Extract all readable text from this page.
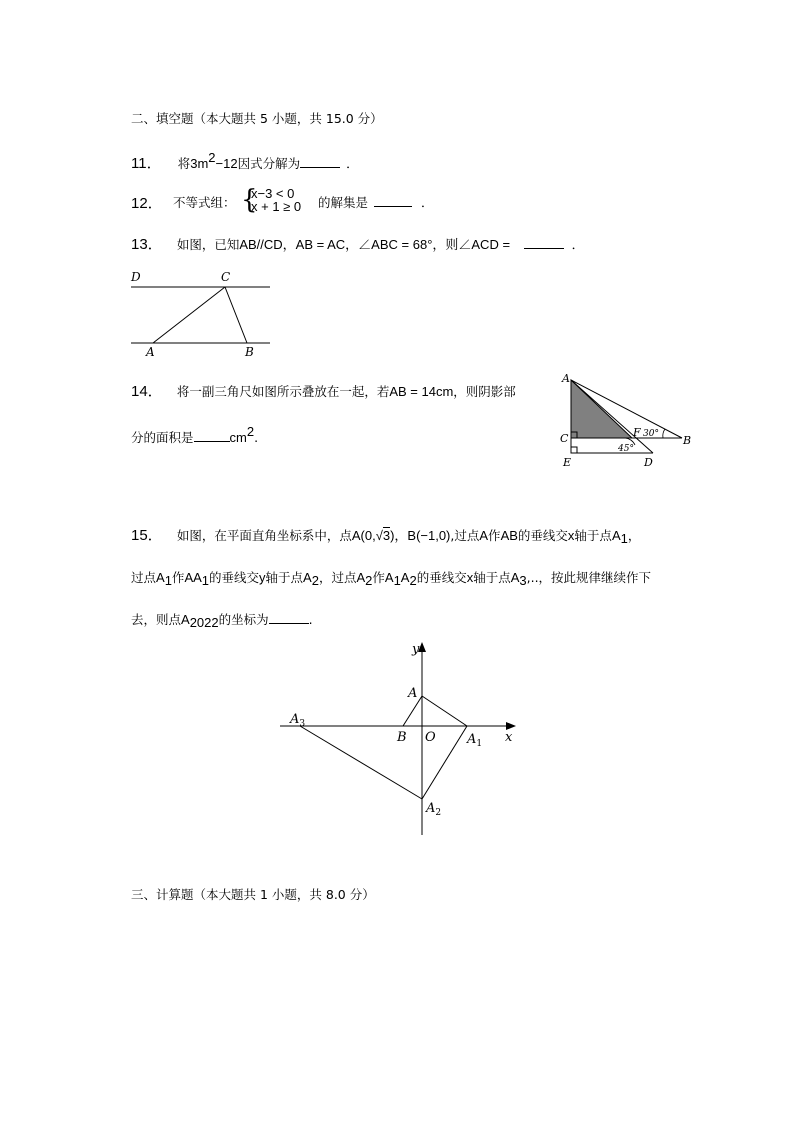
二、填空题（本大题共 5 小题，共 15.0 分）
11． 将$3m^2-12$因式分解为	．
12． 不等式组： {
x−3 < 0
x + 1 ≥ 0 的解集是	．
13． 如图，已知AB//CD，AB = AC，∠ABC = 68°，则∠ACD =	．
D	C
A	B
14． 将一副三角尺如图所示叠放在一起，若AB = 14cm，则阴影部
分的面积是	$cm^2$.
A
C	F 30° B
E
45°
D
15． 如图，在平面直角坐标系中，点A(0,√3)，B(−1,0),过点A作AB的垂线交x轴于点$A_1$，
过点$A_1$作$AA_1$的垂线交y轴于点$A_2$，过点$A_2$作$A_1A_2$的垂线交x轴于点$A_3$,..，按此规律继续作下
去，则点$A_{2022}$的坐标为	.
y
A
$A_3$
B O $A_1$ x
$A_2$
三、计算题（本大题共 1 小题，共 8.0 分）
